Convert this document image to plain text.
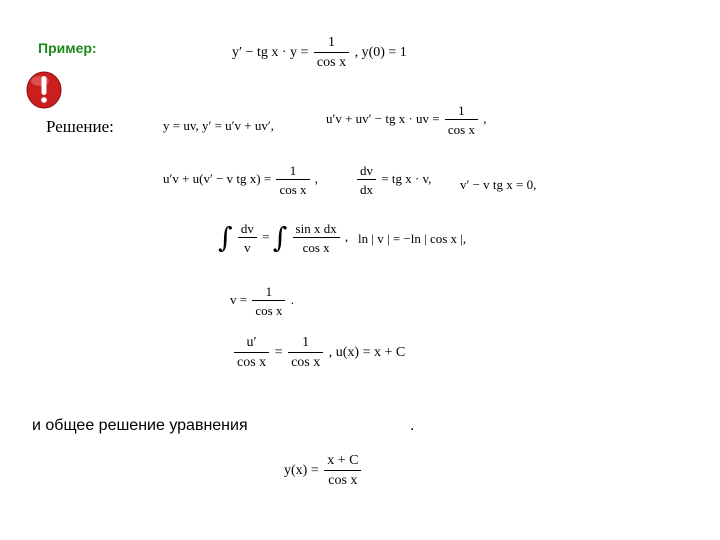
Пример:
Решение:
y′ − tg $x \cdot y = \frac{1}{\text{cos x}}$ , y(0) = 1
y = uv, y′ = u′v + uv′,	u′v + uv′ − tg x · uv = $\frac{1}{\text{cos x}}$ ,
u′v + u(v′ − v tg $x) = \frac{1}{\text{cos x}}$ ,	$\frac{dv}{dx}$ = tg x · v, v′ − v tg x = 0,
∫ $\frac{dv}{v}$ = ∫ $\frac{\text{sin x dx}}{\text{cos x}}$ , ln | v | = −ln | cos x |,
$v = \frac{1}{\text{cos x}}$ .
$\frac{u'}{\text{cos x}} = \frac{1}{\text{cos x}}$ , u(x) = x + C
и общее решение уравнения	.
$y(x) = \frac{x + C}{\text{cos x}}$
